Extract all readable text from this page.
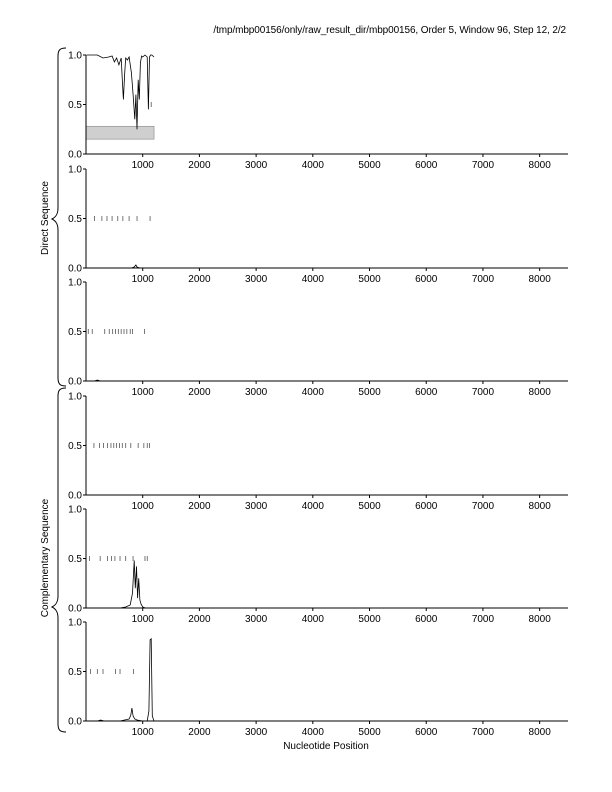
/tmp/mbp00156/only/raw_result_dir/mbp00156, Order 5, Window 96, Step 12, 2/2
Direct Sequence
Complementary Sequence
Nucleotide Position
0.0
0.5
1.0
1000	2000	3000	4000	5000	6000	7000	8000
0.0
0.5
1.0
1000	2000	3000	4000	5000	6000	7000	8000
0.0
0.5
1.0
1000	2000	3000	4000	5000	6000	7000	8000
0.0
0.5
1.0
1000	2000	3000	4000	5000	6000	7000	8000
0.0
0.5
1.0
1000	2000	3000	4000	5000	6000	7000	8000
0.0
0.5
1.0
1000	2000	3000	4000	5000	6000	7000	8000
